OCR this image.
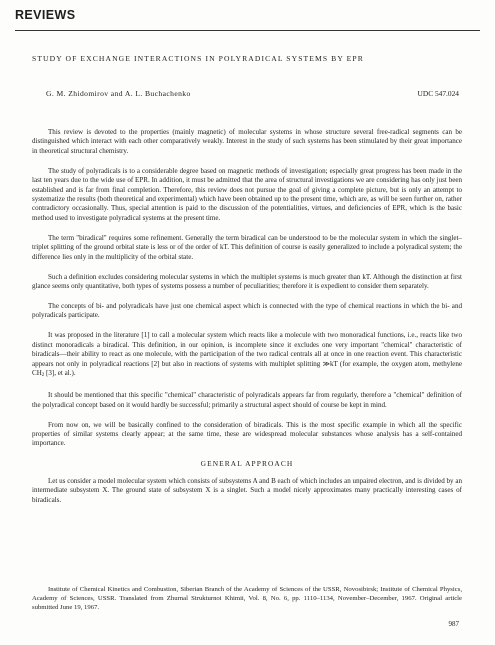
REVIEWS
STUDY OF EXCHANGE INTERACTIONS IN POLYRADICAL SYSTEMS BY EPR
G. M. Zhidomirov and A. L. Buchachenko	UDC 547.024

This review is devoted to the properties (mainly magnetic) of molecular systems in whose structure several free-radical segments can be distinguished which interact with each other comparatively weakly. Interest in the study of such systems has been stimulated by their great importance in theoretical structural chemistry.

The study of polyradicals is to a considerable degree based on magnetic methods of investigation; especially great progress has been made in the last ten years due to the wide use of EPR. In addition, it must be admitted that the area of structural investigations we are considering has only just been established and is far from final completion. Therefore, this review does not pursue the goal of giving a complete picture, but is only an attempt to systematize the results (both theoretical and experimental) which have been obtained up to the present time, which are, as will be seen further on, rather contradictory occasionally. Thus, special attention is paid to the discussion of the potentialities, virtues, and deficiencies of EPR, which is the basic method used to investigate polyradical systems at the present time.

The term "biradical" requires some refinement. Generally the term biradical can be understood to be the molecular system in which the singlet–triplet splitting of the ground orbital state is less or of the order of kT. This definition of course is easily generalized to include a polyradical system; the difference lies only in the multiplicity of the orbital state.

Such a definition excludes considering molecular systems in which the multiplet systems is much greater than kT. Although the distinction at first glance seems only quantitative, both types of systems possess a number of peculiarities; therefore it is expedient to consider them separately.

The concepts of bi- and polyradicals have just one chemical aspect which is connected with the type of chemical reactions in which the bi- and polyradicals participate.

It was proposed in the literature [1] to call a molecular system which reacts like a molecule with two monoradical functions, i.e., reacts like two distinct monoradicals a biradical. This definition, in our opinion, is incomplete since it excludes one very important "chemical" characteristic of biradicals—their ability to react as one molecule, with the participation of the two radical centrals all at once in one reaction event. This characteristic appears not only in polyradical reactions [2] but also in reactions of systems with multiplet splitting ≫kT (for example, the oxygen atom, methylene $CH_2$ [3], et al.).

It should be mentioned that this specific "chemical" characteristic of polyradicals appears far from regularly, therefore a "chemical" definition of the polyradical concept based on it would hardly be successful; primarily a structural aspect should of course be kept in mind.

From now on, we will be basically confined to the consideration of biradicals. This is the most specific example in which all the specific properties of similar systems clearly appear; at the same time, these are widespread molecular substances whose analysis has a self-contained importance.

GENERAL APPROACH

Let us consider a model molecular system which consists of subsystems A and B each of which includes an unpaired electron, and is divided by an intermediate subsystem X. The ground state of subsystem X is a singlet. Such a model nicely approximates many practically interesting cases of biradicals.

Institute of Chemical Kinetics and Combustion, Siberian Branch of the Academy of Sciences of the USSR, Novosibirsk; Institute of Chemical Physics, Academy of Sciences, USSR. Translated from Zhurnal Strukturnoi Khimii, Vol. 8, No. 6, pp. 1110–1134, November–December, 1967. Original article submitted June 19, 1967.
987
